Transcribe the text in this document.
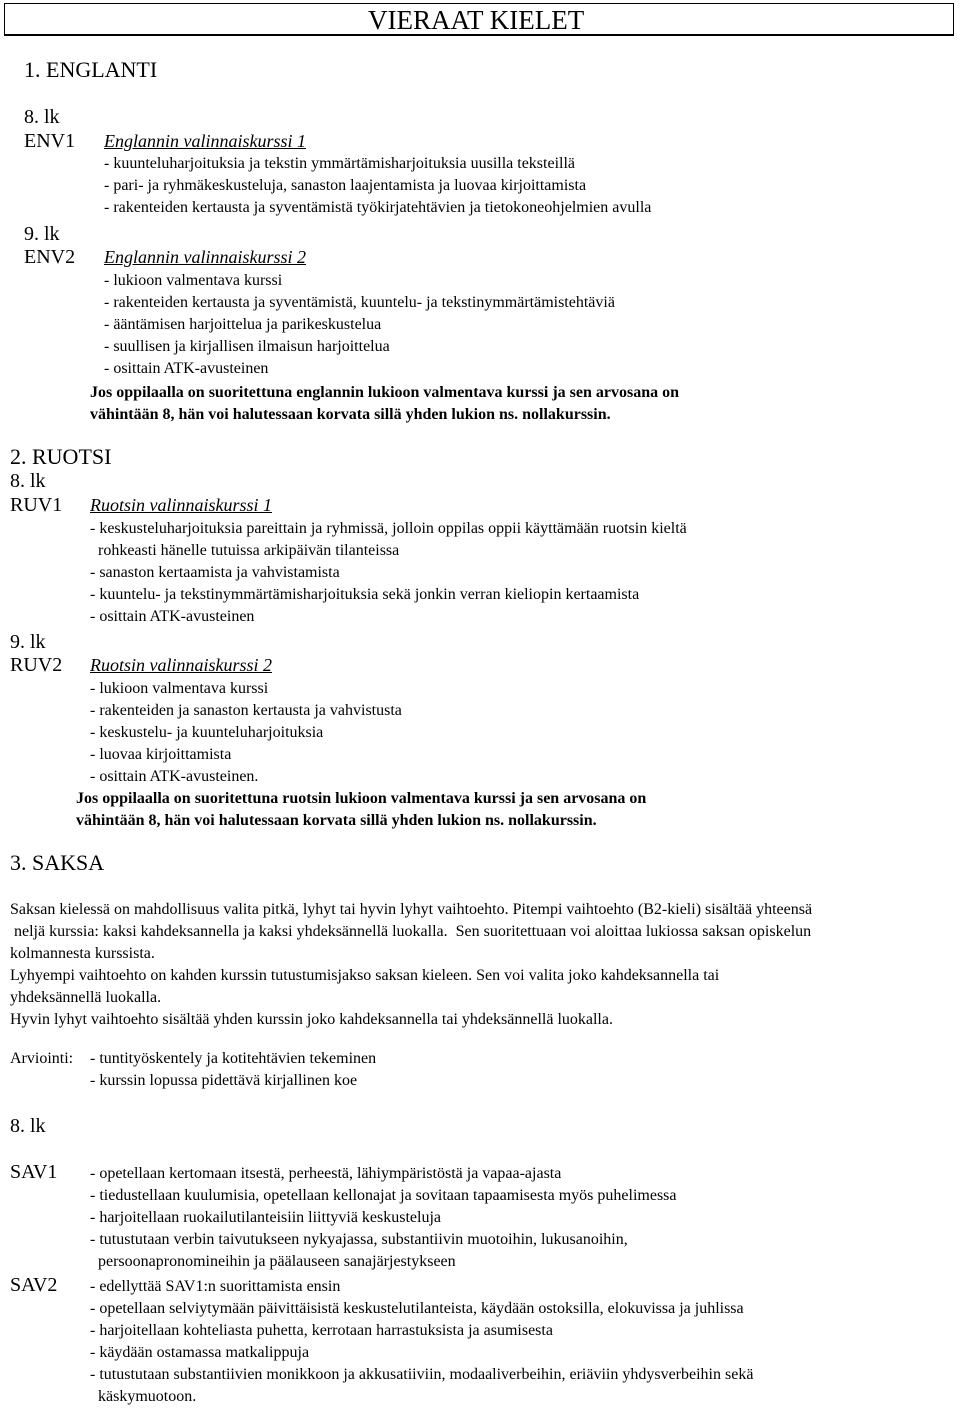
VIERAAT KIELET
1. ENGLANTI
8. lk
ENV1 Englannin valinnaiskurssi 1
- kuunteluharjoituksia ja tekstin ymmärtämisharjoituksia uusilla teksteillä
- pari- ja ryhmäkeskusteluja, sanaston laajentamista ja luovaa kirjoittamista
- rakenteiden kertausta ja syventämistä työkirjatehtävien ja tietokoneohjelmien avulla
9. lk
ENV2 Englannin valinnaiskurssi 2
- lukioon valmentava kurssi
- rakenteiden kertausta ja syventämistä, kuuntelu- ja tekstinymmärtämistehtäviä
- ääntämisen harjoittelua ja parikeskustelua
- suullisen ja kirjallisen ilmaisun harjoittelua
- osittain ATK-avusteinen
Jos oppilaalla on suoritettuna englannin lukioon valmentava kurssi ja sen arvosana on
vähintään 8, hän voi halutessaan korvata sillä yhden lukion ns. nollakurssin.
2. RUOTSI
8. lk
RUV1 Ruotsin valinnaiskurssi 1
- keskusteluharjoituksia pareittain ja ryhmissä, jolloin oppilas oppii käyttämään ruotsin kieltä
rohkeasti hänelle tutuissa arkipäivän tilanteissa
- sanaston kertaamista ja vahvistamista
- kuuntelu- ja tekstinymmärtämisharjoituksia sekä jonkin verran kieliopin kertaamista
- osittain ATK-avusteinen
9. lk
RUV2 Ruotsin valinnaiskurssi 2
- lukioon valmentava kurssi
- rakenteiden ja sanaston kertausta ja vahvistusta
- keskustelu- ja kuunteluharjoituksia
- luovaa kirjoittamista
- osittain ATK-avusteinen.
Jos oppilaalla on suoritettuna ruotsin lukioon valmentava kurssi ja sen arvosana on
vähintään 8, hän voi halutessaan korvata sillä yhden lukion ns. nollakurssin.
3. SAKSA
Saksan kielessä on mahdollisuus valita pitkä, lyhyt tai hyvin lyhyt vaihtoehto. Pitempi vaihtoehto (B2-kieli) sisältää yhteensä
neljä kurssia: kaksi kahdeksannella ja kaksi yhdeksännellä luokalla.  Sen suoritettuaan voi aloittaa lukiossa saksan opiskelun
kolmannesta kurssista.
Lyhyempi vaihtoehto on kahden kurssin tutustumisjakso saksan kieleen. Sen voi valita joko kahdeksannella tai
yhdeksännellä luokalla.
Hyvin lyhyt vaihtoehto sisältää yhden kurssin joko kahdeksannella tai yhdeksännellä luokalla.
Arviointi: - tuntityöskentely ja kotitehtävien tekeminen
- kurssin lopussa pidettävä kirjallinen koe
8. lk
SAV1 - opetellaan kertomaan itsestä, perheestä, lähiympäristöstä ja vapaa-ajasta
- tiedustellaan kuulumisia, opetellaan kellonajat ja sovitaan tapaamisesta myös puhelimessa
- harjoitellaan ruokailutilanteisiin liittyviä keskusteluja
- tutustutaan verbin taivutukseen nykyajassa, substantiivin muotoihin, lukusanoihin,
persoonapronomineihin ja päälauseen sanajärjestykseen
SAV2 - edellyttää SAV1:n suorittamista ensin
- opetellaan selviytymään päivittäisistä keskustelutilanteista, käydään ostoksilla, elokuvissa ja juhlissa
- harjoitellaan kohteliasta puhetta, kerrotaan harrastuksista ja asumisesta
- käydään ostamassa matkalippuja
- tutustutaan substantiivien monikkoon ja akkusatiiviin, modaaliverbeihin, eriäviin yhdysverbeihin sekä
käskymuotoon.
